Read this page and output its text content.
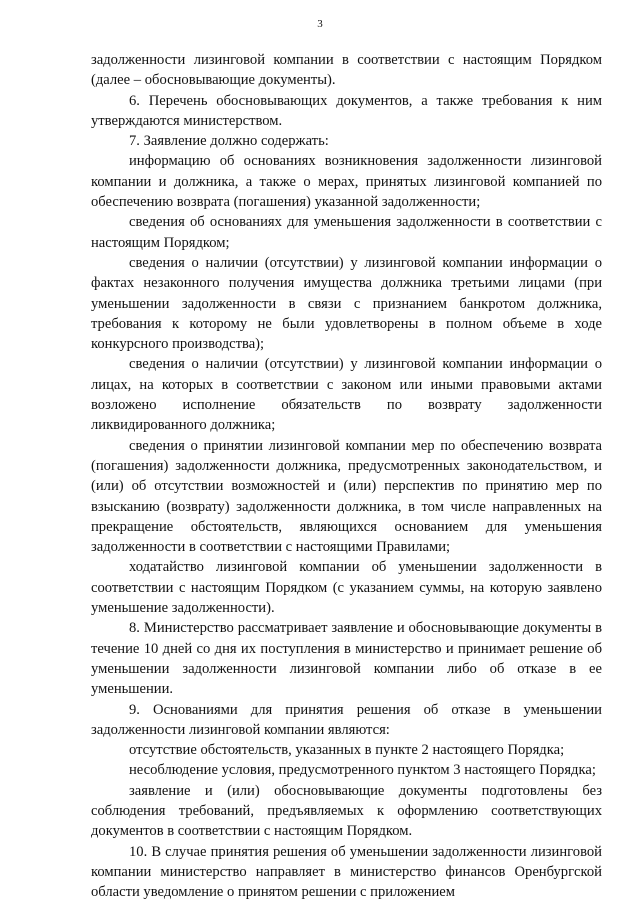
3

задолженности лизинговой компании в соответствии с настоящим Порядком (далее – обосновывающие документы).

6. Перечень обосновывающих документов, а также требования к ним утверждаются министерством.

7. Заявление должно содержать:

информацию об основаниях возникновения задолженности лизинговой компании и должника, а также о мерах, принятых лизинговой компанией по обеспечению возврата (погашения) указанной задолженности;

сведения об основаниях для уменьшения задолженности в соответствии с настоящим Порядком;

сведения о наличии (отсутствии) у лизинговой компании информации о фактах незаконного получения имущества должника третьими лицами (при уменьшении задолженности в связи с признанием банкротом должника, требования к которому не были удовлетворены в полном объеме в ходе конкурсного производства);

сведения о наличии (отсутствии) у лизинговой компании информации о лицах, на которых в соответствии с законом или иными правовыми актами возложено исполнение обязательств по возврату задолженности ликвидированного должника;

сведения о принятии лизинговой компании мер по обеспечению возврата (погашения) задолженности должника, предусмотренных законодательством, и (или) об отсутствии возможностей и (или) перспектив по принятию мер по взысканию (возврату) задолженности должника, в том числе направленных на прекращение обстоятельств, являющихся основанием для уменьшения задолженности в соответствии с настоящими Правилами;

ходатайство лизинговой компании об уменьшении задолженности в соответствии с настоящим Порядком (с указанием суммы, на которую заявлено уменьшение задолженности).

8. Министерство рассматривает заявление и обосновывающие документы в течение 10 дней со дня их поступления в министерство и принимает решение об уменьшении задолженности лизинговой компании либо об отказе в ее уменьшении.

9. Основаниями для принятия решения об отказе в уменьшении задолженности лизинговой компании являются:

отсутствие обстоятельств, указанных в пункте 2 настоящего Порядка;

несоблюдение условия, предусмотренного пунктом 3 настоящего Порядка;

заявление и (или) обосновывающие документы подготовлены без соблюдения требований, предъявляемых к оформлению соответствующих документов в соответствии с настоящим Порядком.

10. В случае принятия решения об уменьшении задолженности лизинговой компании министерство направляет в министерство финансов Оренбургской области уведомление о принятом решении с приложением
